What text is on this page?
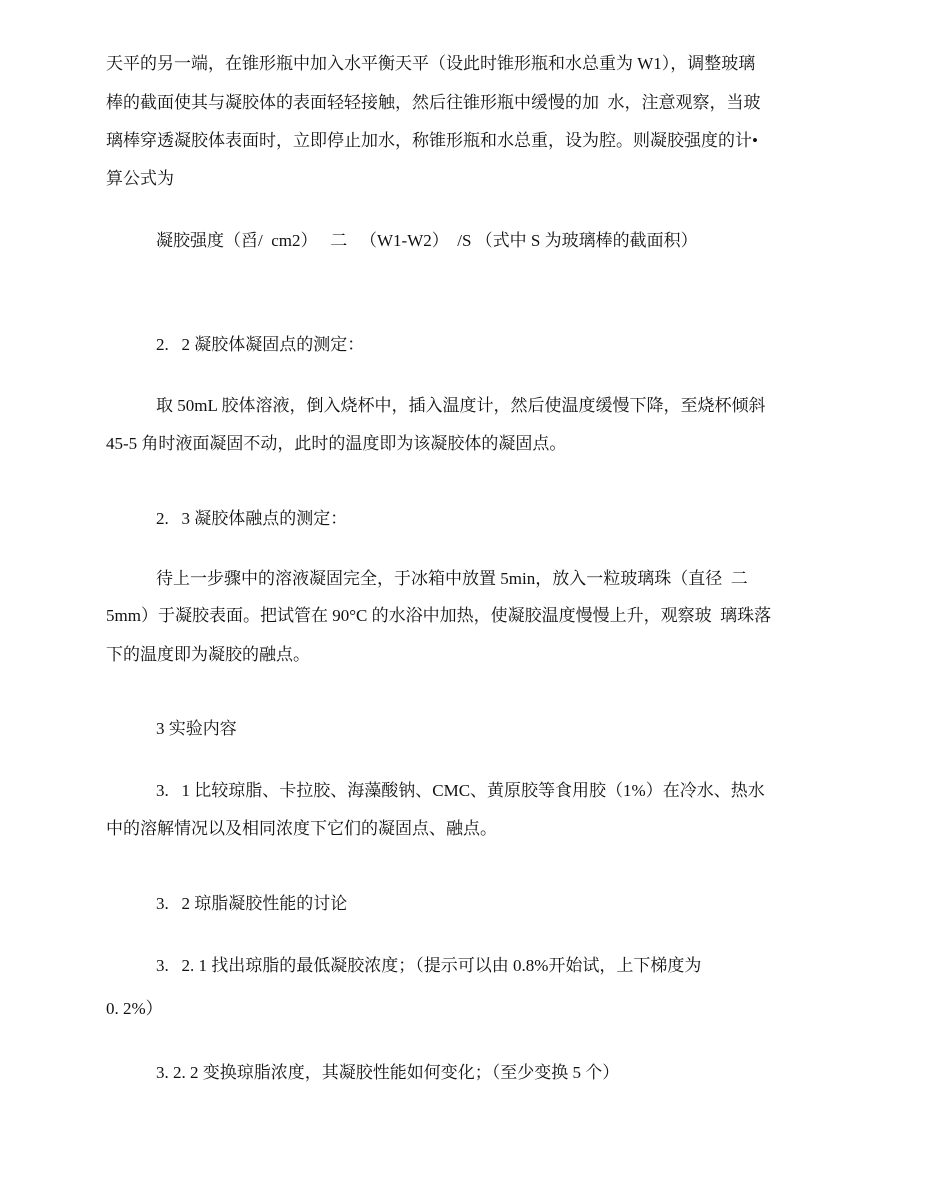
天平的另一端，在锥形瓶中加入水平衡天平（设此时锥形瓶和水总重为 W1），调整玻璃
棒的截面使其与凝胶体的表面轻轻接触，然后往锥形瓶中缓慢的加  水，注意观察，当玻
璃棒穿透凝胶体表面时，立即停止加水，称锥形瓶和水总重，设为腔。则凝胶强度的计•
算公式为
凝胶强度（舀/  cm2）   二   （W1-W2）  /S （式中 S 为玻璃棒的截面积）
2.   2 凝胶体凝固点的测定：
取 50mL 胶体溶液，倒入烧杯中，插入温度计，然后使温度缓慢下降，至烧杯倾斜
45-5 角时液面凝固不动，此时的温度即为该凝胶体的凝固点。
2.   3 凝胶体融点的测定：
待上一步骤中的溶液凝固完全，于冰箱中放置 5min，放入一粒玻璃珠（直径  二
5mm）于凝胶表面。把试管在 90°C 的水浴中加热，使凝胶温度慢慢上升，观察玻  璃珠落
下的温度即为凝胶的融点。
3 实验内容
3.   1 比较琼脂、卡拉胶、海藻酸钠、CMC、黄原胶等食用胶（1%）在冷水、热水
中的溶解情况以及相同浓度下它们的凝固点、融点。
3.   2 琼脂凝胶性能的讨论
3.   2. 1 找出琼脂的最低凝胶浓度；（提示可以由 0.8%开始试，上下梯度为
0. 2%）
3. 2. 2 变换琼脂浓度，其凝胶性能如何变化；（至少变换 5 个）
